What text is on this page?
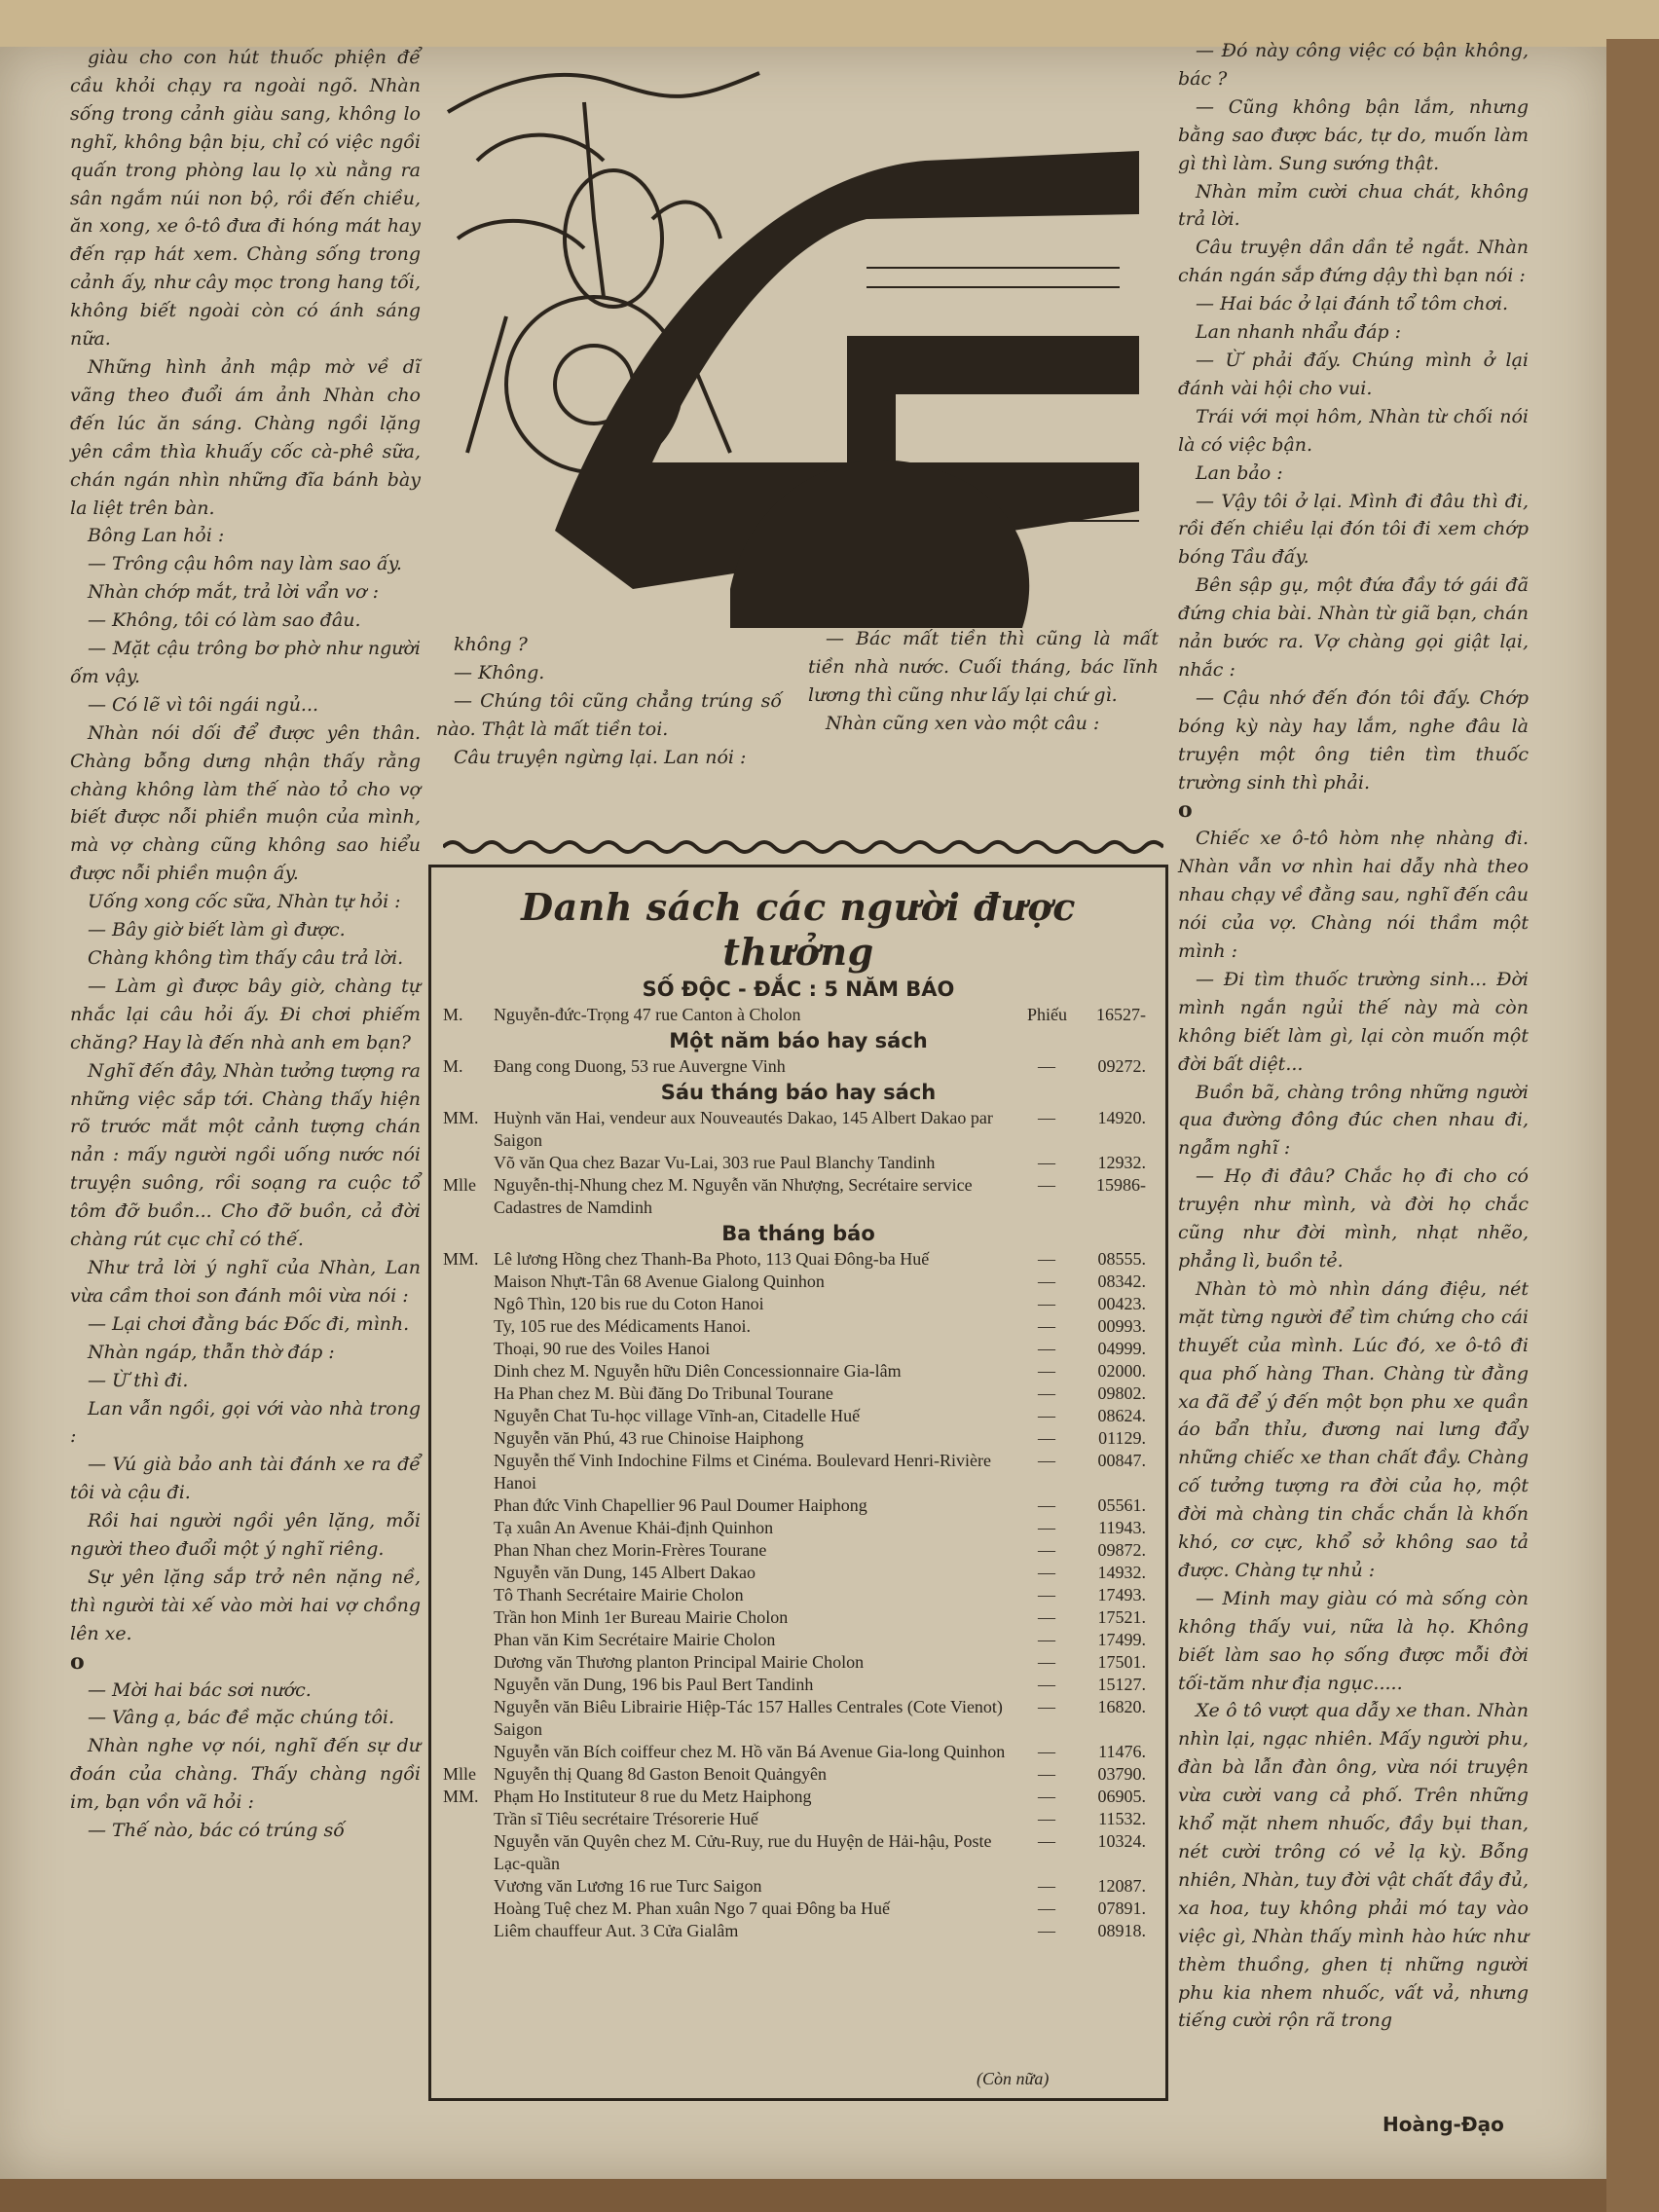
giàu cho con hút thuốc phiện để cầu khỏi chạy ra ngoài ngõ. Nhàn sống trong cảnh giàu sang, không lo nghĩ, không bận bịu, chỉ có việc ngồi quấn trong phòng lau lọ xù nằng ra sân ngắm núi non bộ, rồi đến chiều, ăn xong, xe ô-tô đưa đi hóng mát hay đến rạp hát xem. Chàng sống trong cảnh ấy, như cây mọc trong hang tối, không biết ngoài còn có ánh sáng nữa.

Những hình ảnh mập mờ về dĩ vãng theo đuổi ám ảnh Nhàn cho đến lúc ăn sáng. Chàng ngồi lặng yên cầm thìa khuấy cốc cà-phê sữa, chán ngán nhìn những đĩa bánh bày la liệt trên bàn.

Bông Lan hỏi :

— Trông cậu hôm nay làm sao ấy.

Nhàn chớp mắt, trả lời vẩn vơ :

— Không, tôi có làm sao đâu.

— Mặt cậu trông bơ phờ như người ốm vậy.

— Có lẽ vì tôi ngái ngủ...

Nhàn nói dối để được yên thân. Chàng bỗng dưng nhận thấy rằng chàng không làm thế nào tỏ cho vợ biết được nỗi phiền muộn của mình, mà vợ chàng cũng không sao hiểu được nỗi phiền muộn ấy.

Uống xong cốc sữa, Nhàn tự hỏi :

— Bây giờ biết làm gì được.

Chàng không tìm thấy câu trả lời.

— Làm gì được bây giờ, chàng tự nhắc lại câu hỏi ấy. Đi chơi phiếm chăng? Hay là đến nhà anh em bạn?

Nghĩ đến đây, Nhàn tưởng tượng ra những việc sắp tới. Chàng thấy hiện rõ trước mắt một cảnh tượng chán nản : mấy người ngồi uống nước nói truyện suông, rồi soạng ra cuộc tổ tôm đỡ buồn... Cho đỡ buồn, cả đời chàng rút cục chỉ có thế.

Như trả lời ý nghĩ của Nhàn, Lan vừa cầm thoi son đánh môi vừa nói :

— Lại chơi đằng bác Đốc đi, mình.

Nhàn ngáp, thẫn thờ đáp :

— Ừ thì đi.

Lan vẫn ngồi, gọi với vào nhà trong :

— Vú già bảo anh tài đánh xe ra để tôi và cậu đi.

Rồi hai người ngồi yên lặng, mỗi người theo đuổi một ý nghĩ riêng.

Sự yên lặng sắp trở nên nặng nề, thì người tài xế vào mời hai vợ chồng lên xe.

o

— Mời hai bác sơi nước.

— Vâng ạ, bác đề mặc chúng tôi.

Nhàn nghe vợ nói, nghĩ đến sự dư đoán của chàng. Thấy chàng ngồi im, bạn vồn vã hỏi :

— Thế nào, bác có trúng số

không ?

— Không.

— Chúng tôi cũng chẳng trúng số nào. Thật là mất tiền toi.

Câu truyện ngừng lại. Lan nói :

— Bác mất tiền thì cũng là mất tiền nhà nước. Cuối tháng, bác lĩnh lương thì cũng như lấy lại chứ gì.

Nhàn cũng xen vào một câu :

Danh sách các người được thưởng
SỐ ĐỘC - ĐẮC : 5 NĂM BÁO
M.	Nguyễn-đức-Trọng 47 rue Canton à Cholon	Phiếu	16527-
Một năm báo hay sách
M.	Đang cong Duong, 53 rue Auvergne Vinh	—	09272.
Sáu tháng báo hay sách
MM. Huỳnh văn Hai, vendeur aux Nouveautés Dakao, 145 Albert Dakao par Saigon
—	14920.
Võ văn Qua chez Bazar Vu-Lai, 303 rue Paul Blanchy Tandinh	—	12932.
Mlle	Nguyễn-thị-Nhung chez M. Nguyễn văn Nhượng, Secrétaire service Cadastres de Namdinh
—	15986-
Ba tháng báo
MM. Lê lương Hồng chez Thanh-Ba Photo, 113 Quai Đông-ba Huế	—	08555.
Maison Nhựt-Tân 68 Avenue Gialong Quinhon	—	08342.
Ngô Thìn, 120 bis rue du Coton Hanoi	—	00423.
Ty, 105 rue des Médicaments Hanoi.	—	00993.
Thoại, 90 rue des Voiles Hanoi	—	04999.
Dinh chez M. Nguyễn hữu Diên Concessionnaire Gia-lâm	—	02000.
Ha Phan chez M. Bùi đăng Do Tribunal Tourane	—	09802.
Nguyễn Chat Tu-học village Vĩnh-an, Citadelle Huế	—	08624.
Nguyễn văn Phú, 43 rue Chinoise Haiphong	—	01129.
Nguyễn thế Vinh Indochine Films et Cinéma. Boulevard Henri-Rivière Hanoi
—	00847.
Phan đức Vinh Chapellier 96 Paul Doumer Haiphong	—	05561.
Tạ xuân An Avenue Khải-định Quinhon	—	11943.
Phan Nhan chez Morin-Frères Tourane	—	09872.
Nguyễn văn Dung, 145 Albert Dakao	—	14932.
Tô Thanh Secrétaire Mairie Cholon	—	17493.
Trần hon Minh 1er Bureau Mairie Cholon	—	17521.
Phan văn Kim Secrétaire Mairie Cholon	—	17499.
Dương văn Thương planton Principal Mairie Cholon	—	17501.
Nguyễn văn Dung, 196 bis Paul Bert Tandinh	—	15127.
Nguyễn văn Biêu Librairie Hiệp-Tác 157 Halles Centrales (Cote Vienot) Saigon
—	16820.
Nguyễn văn Bích coiffeur chez M. Hồ văn Bá Avenue Gia-long Quinhon	—	11476.
Mlle	Nguyễn thị Quang 8d Gaston Benoit Quảngyên	—	03790.
MM. Phạm Ho Instituteur 8 rue du Metz Haiphong	—	06905.
Trần sĩ Tiêu secrétaire Trésorerie Huế	—	11532.
Nguyễn văn Quyên chez M. Cửu-Ruy, rue du Huyện de Hải-hậu, Poste Lạc-quần
—	10324.
Vương văn Lương 16 rue Turc Saigon	—	12087.
Hoàng Tuệ chez M. Phan xuân Ngo 7 quai Đông ba Huế	—	07891.
Liêm chauffeur Aut. 3 Cửa Gialâm	—	08918.
(Còn nữa)

— Đó này công việc có bận không, bác ?

— Cũng không bận lắm, nhưng bằng sao được bác, tự do, muốn làm gì thì làm. Sung sướng thật.

Nhàn mỉm cười chua chát, không trả lời.

Câu truyện dần dần tẻ ngắt. Nhàn chán ngán sắp đứng dậy thì bạn nói :

— Hai bác ở lại đánh tổ tôm chơi.

Lan nhanh nhẩu đáp :

— Ừ phải đấy. Chúng mình ở lại đánh vài hội cho vui.

Trái với mọi hôm, Nhàn từ chối nói là có việc bận.

Lan bảo :

— Vậy tôi ở lại. Mình đi đâu thì đi, rồi đến chiều lại đón tôi đi xem chớp bóng Tầu đấy.

Bên sập gụ, một đứa đầy tớ gái đã đứng chia bài. Nhàn từ giã bạn, chán nản bước ra. Vợ chàng gọi giật lại, nhắc :

— Cậu nhớ đến đón tôi đấy. Chớp bóng kỳ này hay lắm, nghe đâu là truyện một ông tiên tìm thuốc trường sinh thì phải.

o

Chiếc xe ô-tô hòm nhẹ nhàng đi. Nhàn vẫn vơ nhìn hai dẫy nhà theo nhau chạy về đằng sau, nghĩ đến câu nói của vợ. Chàng nói thầm một mình :

— Đi tìm thuốc trường sinh... Đời mình ngắn ngủi thế này mà còn không biết làm gì, lại còn muốn một đời bất diệt...

Buồn bã, chàng trông những người qua đường đông đúc chen nhau đi, ngẫm nghĩ :

— Họ đi đâu? Chắc họ đi cho có truyện như mình, và đời họ chắc cũng như đời mình, nhạt nhẽo, phẳng lì, buồn tẻ.

Nhàn tò mò nhìn dáng điệu, nét mặt từng người để tìm chứng cho cái thuyết của mình. Lúc đó, xe ô-tô đi qua phố hàng Than. Chàng từ đằng xa đã để ý đến một bọn phu xe quần áo bẩn thỉu, đương nai lưng đẩy những chiếc xe than chất đầy. Chàng cố tưởng tượng ra đời của họ, một đời mà chàng tin chắc chắn là khốn khó, cơ cực, khổ sở không sao tả được. Chàng tự nhủ :

— Minh may giàu có mà sống còn không thấy vui, nữa là họ. Không biết làm sao họ sống được mỗi đời tối-tăm như địa ngục.....

Xe ô tô vượt qua dẫy xe than. Nhàn nhìn lại, ngạc nhiên. Mấy người phu, đàn bà lẫn đàn ông, vừa nói truyện vừa cười vang cả phố. Trên những khổ mặt nhem nhuốc, đầy bụi than, nét cười trông có vẻ lạ kỳ. Bỗng nhiên, Nhàn, tuy đời vật chất đầy đủ, xa hoa, tuy không phải mó tay vào việc gì, Nhàn thấy mình hào hức như thèm thuồng, ghen tị những người phu kia nhem nhuốc, vất vả, nhưng tiếng cười rộn rã trong

Hoàng-Đạo
